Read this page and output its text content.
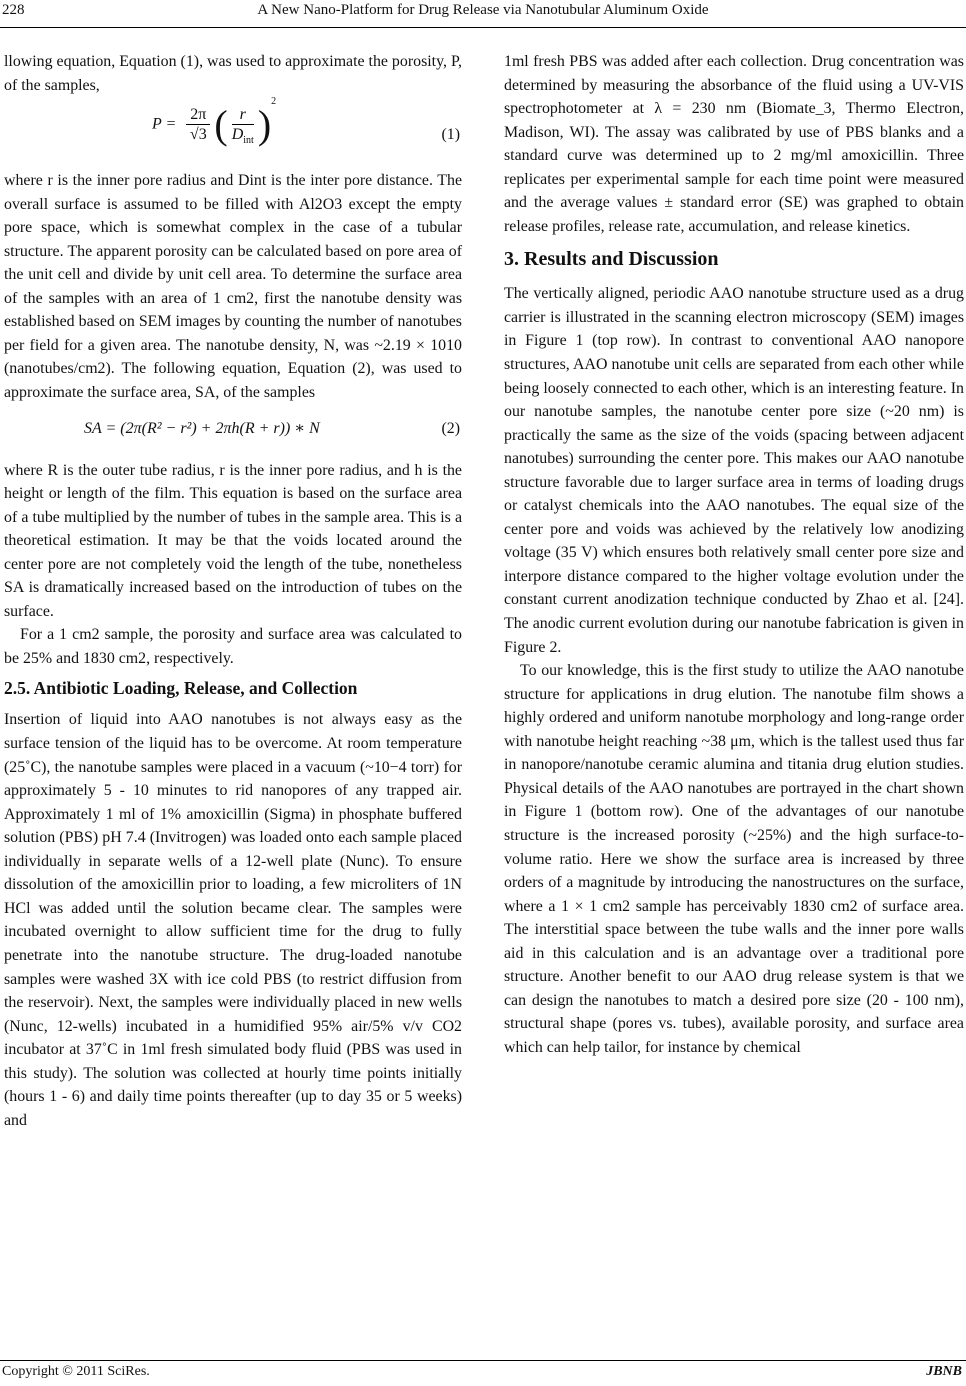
228	A New Nano-Platform for Drug Release via Nanotubular Aluminum Oxide

llowing equation, Equation (1), was used to approximate the porosity, P, of the samples,

$P = \frac{2\pi}{√3}$ ( $\frac{r}{D_{int}} )^2$
(1)

where r is the inner pore radius and Dint is the inter pore distance. The overall surface is assumed to be filled with Al2O3 except the empty pore space, which is somewhat complex in the case of a tubular structure. The apparent porosity can be calculated based on pore area of the unit cell and divide by unit cell area. To determine the surface area of the samples with an area of 1 cm2, first the nanotube density was established based on SEM images by counting the number of nanotubes per field for a given area. The nanotube density, N, was ~2.19 × 1010 (nanotubes/cm2). The following equation, Equation (2), was used to approximate the surface area, SA, of the samples

SA = (2π(R² − r²) + 2πh(R + r)) ∗ N	(2)

where R is the outer tube radius, r is the inner pore radius, and h is the height or length of the film. This equation is based on the surface area of a tube multiplied by the number of tubes in the sample area. This is a theoretical estimation. It may be that the voids located around the center pore are not completely void the length of the tube, nonetheless SA is dramatically increased based on the introduction of tubes on the surface.

For a 1 cm2 sample, the porosity and surface area was calculated to be 25% and 1830 cm2, respectively.

2.5. Antibiotic Loading, Release, and Collection

Insertion of liquid into AAO nanotubes is not always easy as the surface tension of the liquid has to be overcome. At room temperature (25˚C), the nanotube samples were placed in a vacuum (~10−4 torr) for approximately 5 - 10 minutes to rid nanopores of any trapped air. Approximately 1 ml of 1% amoxicillin (Sigma) in phosphate buffered solution (PBS) pH 7.4 (Invitrogen) was loaded onto each sample placed individually in separate wells of a 12-well plate (Nunc). To ensure dissolution of the amoxicillin prior to loading, a few microliters of 1N HCl was added until the solution became clear. The samples were incubated overnight to allow sufficient time for the drug to fully penetrate into the nanotube structure. The drug-loaded nanotube samples were washed 3X with ice cold PBS (to restrict diffusion from the reservoir). Next, the samples were individually placed in new wells (Nunc, 12-wells) incubated in a humidified 95% air/5% v/v CO2 incubator at 37˚C in 1ml fresh simulated body fluid (PBS was used in this study). The solution was collected at hourly time points initially (hours 1 - 6) and daily time points thereafter (up to day 35 or 5 weeks) and

1ml fresh PBS was added after each collection. Drug concentration was determined by measuring the absorbance of the fluid using a UV-VIS spectrophotometer at λ = 230 nm (Biomate_3, Thermo Electron, Madison, WI). The assay was calibrated by use of PBS blanks and a standard curve was determined up to 2 mg/ml amoxicillin. Three replicates per experimental sample for each time point were measured and the average values ± standard error (SE) was graphed to obtain release profiles, release rate, accumulation, and release kinetics.

3. Results and Discussion

The vertically aligned, periodic AAO nanotube structure used as a drug carrier is illustrated in the scanning electron microscopy (SEM) images in Figure 1 (top row). In contrast to conventional AAO nanopore structures, AAO nanotube unit cells are separated from each other while being loosely connected to each other, which is an interesting feature. In our nanotube samples, the nanotube center pore size (~20 nm) is practically the same as the size of the voids (spacing between adjacent nanotubes) surrounding the center pore. This makes our AAO nanotube structure favorable due to larger surface area in terms of loading drugs or catalyst chemicals into the AAO nanotubes. The equal size of the center pore and voids was achieved by the relatively low anodizing voltage (35 V) which ensures both relatively small center pore size and interpore distance compared to the higher voltage evolution under the constant current anodization technique conducted by Zhao et al. [24]. The anodic current evolution during our nanotube fabrication is given in Figure 2.

To our knowledge, this is the first study to utilize the AAO nanotube structure for applications in drug elution. The nanotube film shows a highly ordered and uniform nanotube morphology and long-range order with nanotube height reaching ~38 μm, which is the tallest used thus far in nanopore/nanotube ceramic alumina and titania drug elution studies. Physical details of the AAO nanotubes are portrayed in the chart shown in Figure 1 (bottom row). One of the advantages of our nanotube structure is the increased porosity (~25%) and the high surface-to-volume ratio. Here we show the surface area is increased by three orders of a magnitude by introducing the nanostructures on the surface, where a 1 × 1 cm2 sample has perceivably 1830 cm2 of surface area. The interstitial space between the tube walls and the inner pore walls aid in this calculation and is an advantage over a traditional pore structure. Another benefit to our AAO drug release system is that we can design the nanotubes to match a desired pore size (20 - 100 nm), structural shape (pores vs. tubes), available porosity, and surface area which can help tailor, for instance by chemical

Copyright © 2011 SciRes.	JBNB
